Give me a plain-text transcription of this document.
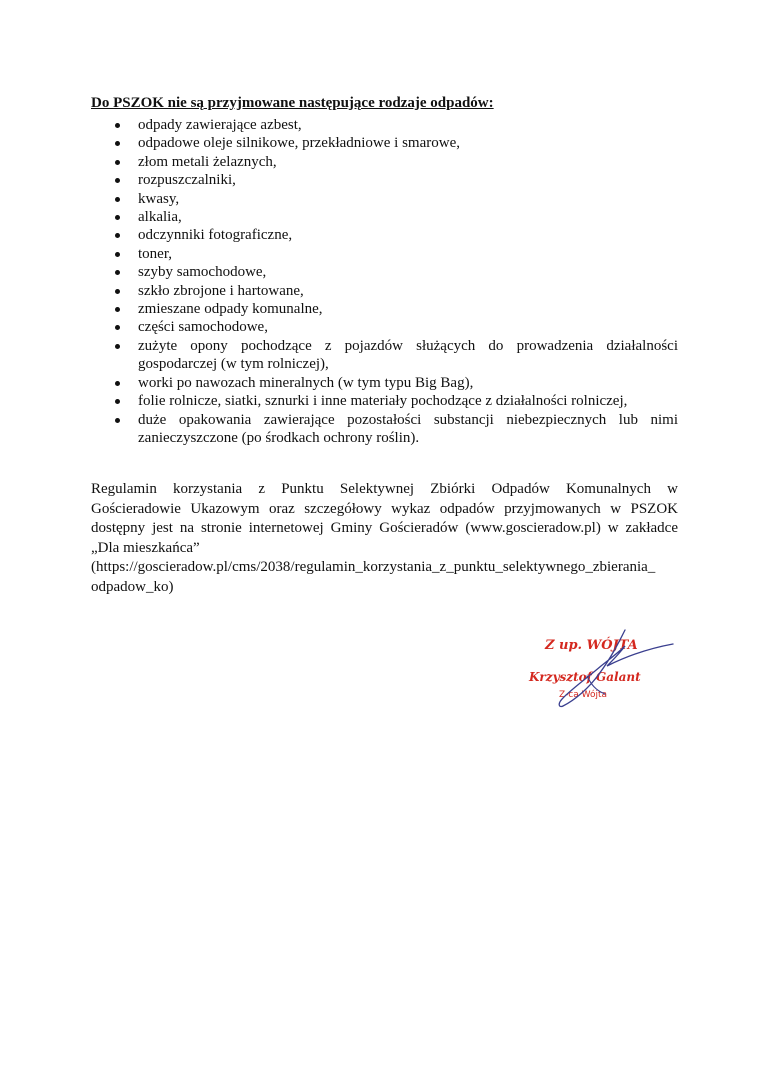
Do PSZOK nie są przyjmowane następujące rodzaje odpadów:

odpady zawierające azbest,
odpadowe oleje silnikowe, przekładniowe i smarowe,
złom metali żelaznych,
rozpuszczalniki,
kwasy,
alkalia,
odczynniki fotograficzne,
toner,
szyby samochodowe,
szkło zbrojone i hartowane,
zmieszane odpady komunalne,
części samochodowe,
zużyte opony pochodzące z pojazdów służących do prowadzenia działalności gospodarczej (w tym rolniczej),
worki po nawozach mineralnych (w tym typu Big Bag),
folie rolnicze, siatki, sznurki i inne materiały pochodzące z działalności rolniczej,
duże opakowania zawierające pozostałości substancji niebezpiecznych lub nimi zanieczyszczone (po środkach ochrony roślin).

Regulamin korzystania z Punktu Selektywnej Zbiórki Odpadów Komunalnych w
Gościeradowie Ukazowym oraz szczegółowy wykaz odpadów przyjmowanych w PSZOK
dostępny jest na stronie internetowej Gminy Gościeradów (www.goscieradow.pl) w zakładce
„Dla mieszkańca”
(https://goscieradow.pl/cms/2038/regulamin_korzystania_z_punktu_selektywnego_zbierania_
odpadow_ko)

Z up. WÓJTA
Krzysztof Galant
Z-ca Wójta
